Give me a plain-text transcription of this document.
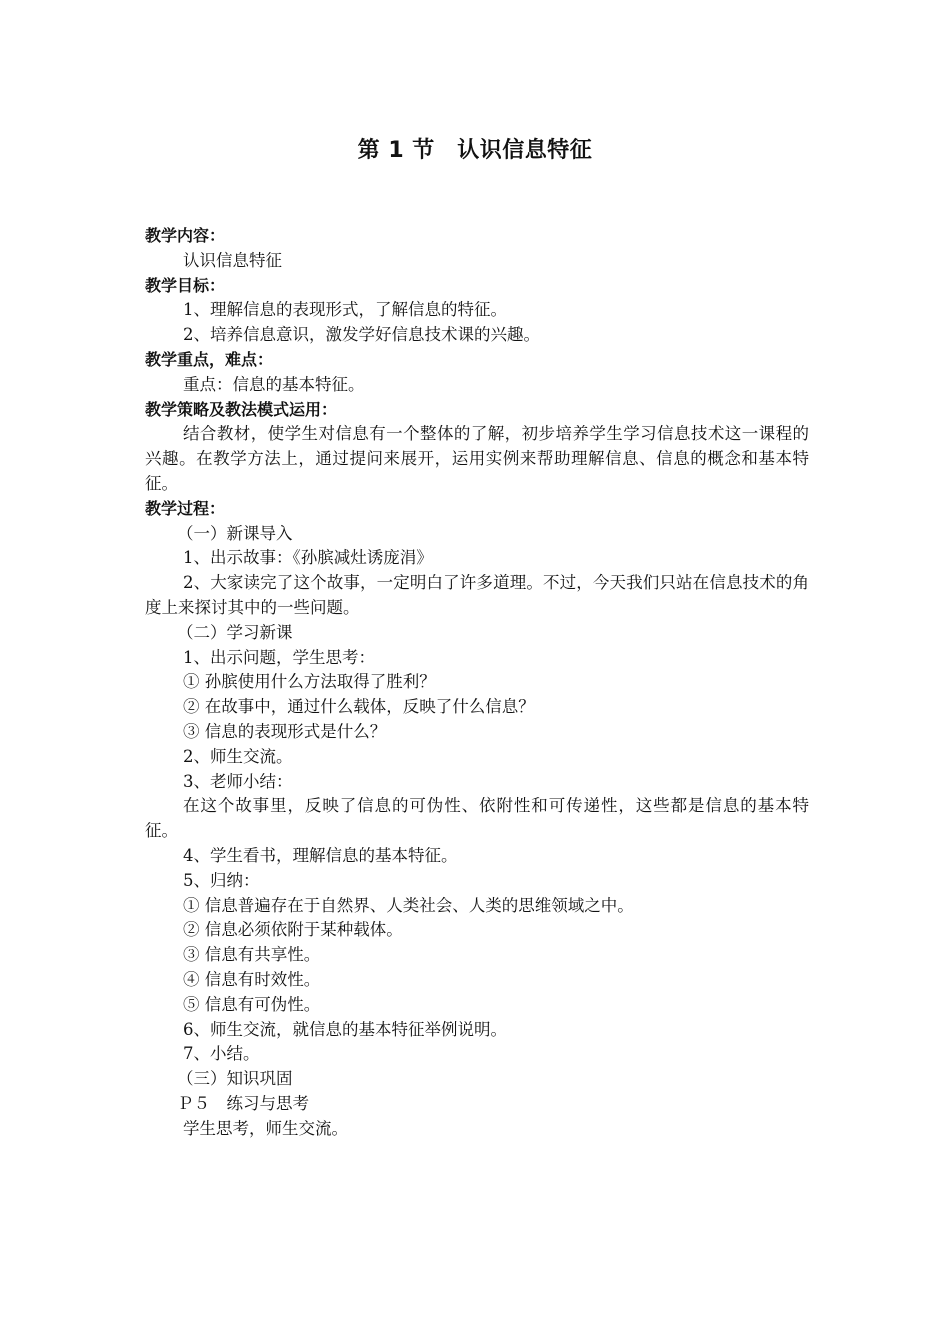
第 1 节　认识信息特征
教学内容：
认识信息特征
教学目标：
1、理解信息的表现形式，了解信息的特征。
2、培养信息意识，激发学好信息技术课的兴趣。
教学重点，难点：
重点：信息的基本特征。
教学策略及教法模式运用：
结合教材，使学生对信息有一个整体的了解，初步培养学生学习信息技术这一课程的兴趣。在教学方法上，通过提问来展开，运用实例来帮助理解信息、信息的概念和基本特征。
教学过程：
（一）新课导入
1、出示故事：《孙膑减灶诱庞涓》
2、大家读完了这个故事，一定明白了许多道理。不过，今天我们只站在信息技术的角度上来探讨其中的一些问题。
（二）学习新课
1、出示问题，学生思考：
① 孙膑使用什么方法取得了胜利？
② 在故事中，通过什么载体，反映了什么信息？
③ 信息的表现形式是什么？
2、师生交流。
3、老师小结：
在这个故事里，反映了信息的可伪性、依附性和可传递性，这些都是信息的基本特征。
4、学生看书，理解信息的基本特征。
5、归纳：
① 信息普遍存在于自然界、人类社会、人类的思维领域之中。
② 信息必须依附于某种载体。
③ 信息有共享性。
④ 信息有时效性。
⑤ 信息有可伪性。
6、师生交流，就信息的基本特征举例说明。
7、小结。
（三）知识巩固
Ｐ５　练习与思考
学生思考，师生交流。
